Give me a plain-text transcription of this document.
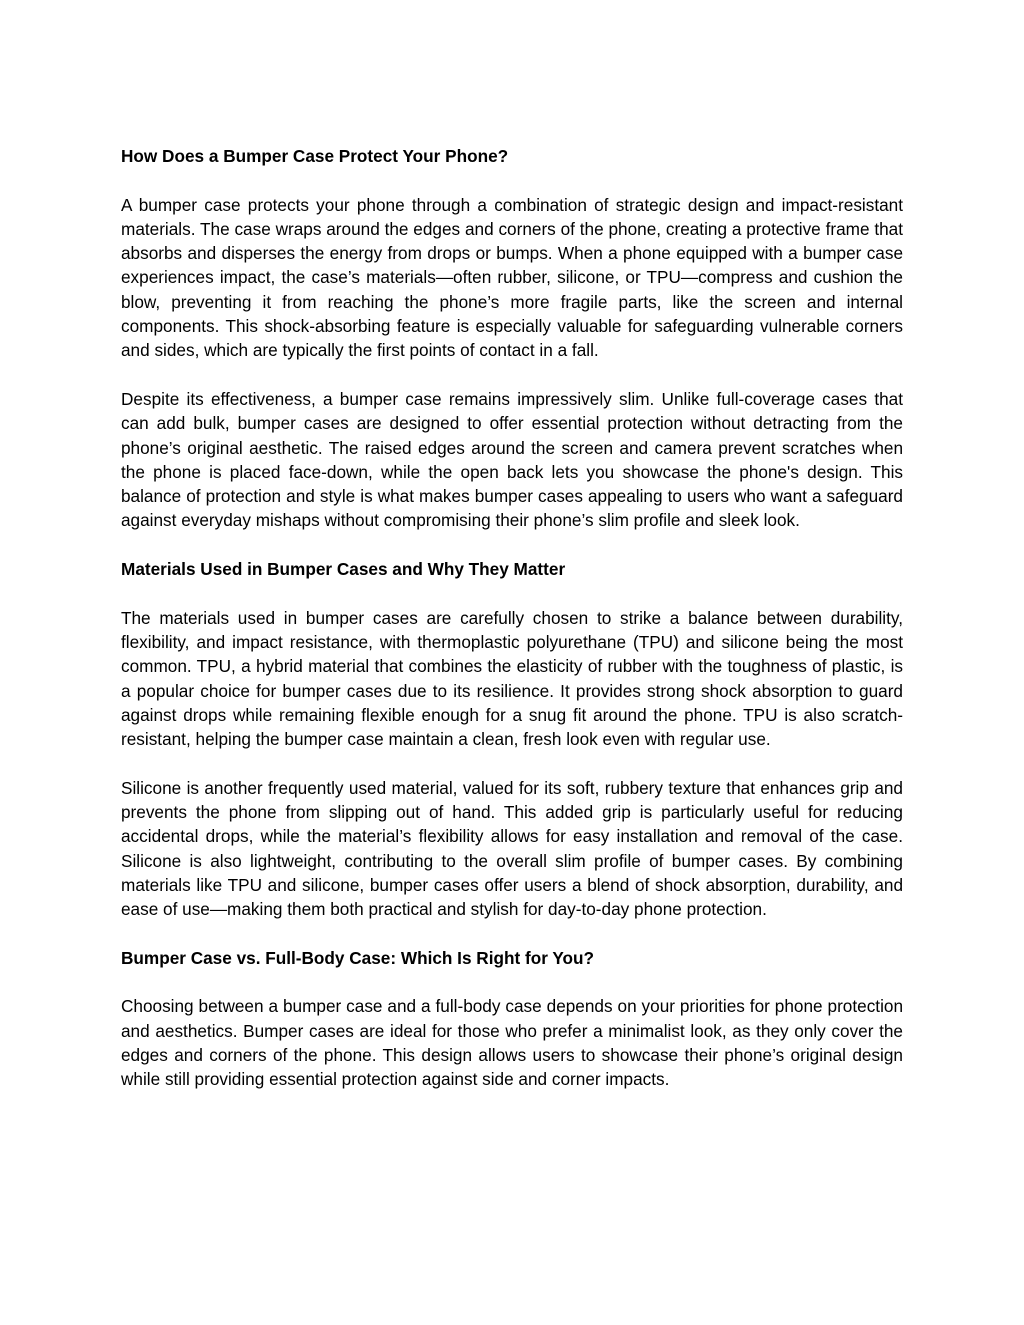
How Does a Bumper Case Protect Your Phone?
A bumper case protects your phone through a combination of strategic design and impact-resistant materials. The case wraps around the edges and corners of the phone, creating a protective frame that absorbs and disperses the energy from drops or bumps. When a phone equipped with a bumper case experiences impact, the case’s materials—often rubber, silicone, or TPU—compress and cushion the blow, preventing it from reaching the phone’s more fragile parts, like the screen and internal components. This shock-absorbing feature is especially valuable for safeguarding vulnerable corners and sides, which are typically the first points of contact in a fall.
Despite its effectiveness, a bumper case remains impressively slim. Unlike full-coverage cases that can add bulk, bumper cases are designed to offer essential protection without detracting from the phone’s original aesthetic. The raised edges around the screen and camera prevent scratches when the phone is placed face-down, while the open back lets you showcase the phone's design. This balance of protection and style is what makes bumper cases appealing to users who want a safeguard against everyday mishaps without compromising their phone’s slim profile and sleek look.
Materials Used in Bumper Cases and Why They Matter
The materials used in bumper cases are carefully chosen to strike a balance between durability, flexibility, and impact resistance, with thermoplastic polyurethane (TPU) and silicone being the most common. TPU, a hybrid material that combines the elasticity of rubber with the toughness of plastic, is a popular choice for bumper cases due to its resilience. It provides strong shock absorption to guard against drops while remaining flexible enough for a snug fit around the phone. TPU is also scratch-resistant, helping the bumper case maintain a clean, fresh look even with regular use.
Silicone is another frequently used material, valued for its soft, rubbery texture that enhances grip and prevents the phone from slipping out of hand. This added grip is particularly useful for reducing accidental drops, while the material’s flexibility allows for easy installation and removal of the case. Silicone is also lightweight, contributing to the overall slim profile of bumper cases. By combining materials like TPU and silicone, bumper cases offer users a blend of shock absorption, durability, and ease of use—making them both practical and stylish for day-to-day phone protection.
Bumper Case vs. Full-Body Case: Which Is Right for You?
Choosing between a bumper case and a full-body case depends on your priorities for phone protection and aesthetics. Bumper cases are ideal for those who prefer a minimalist look, as they only cover the edges and corners of the phone. This design allows users to showcase their phone’s original design while still providing essential protection against side and corner impacts.
